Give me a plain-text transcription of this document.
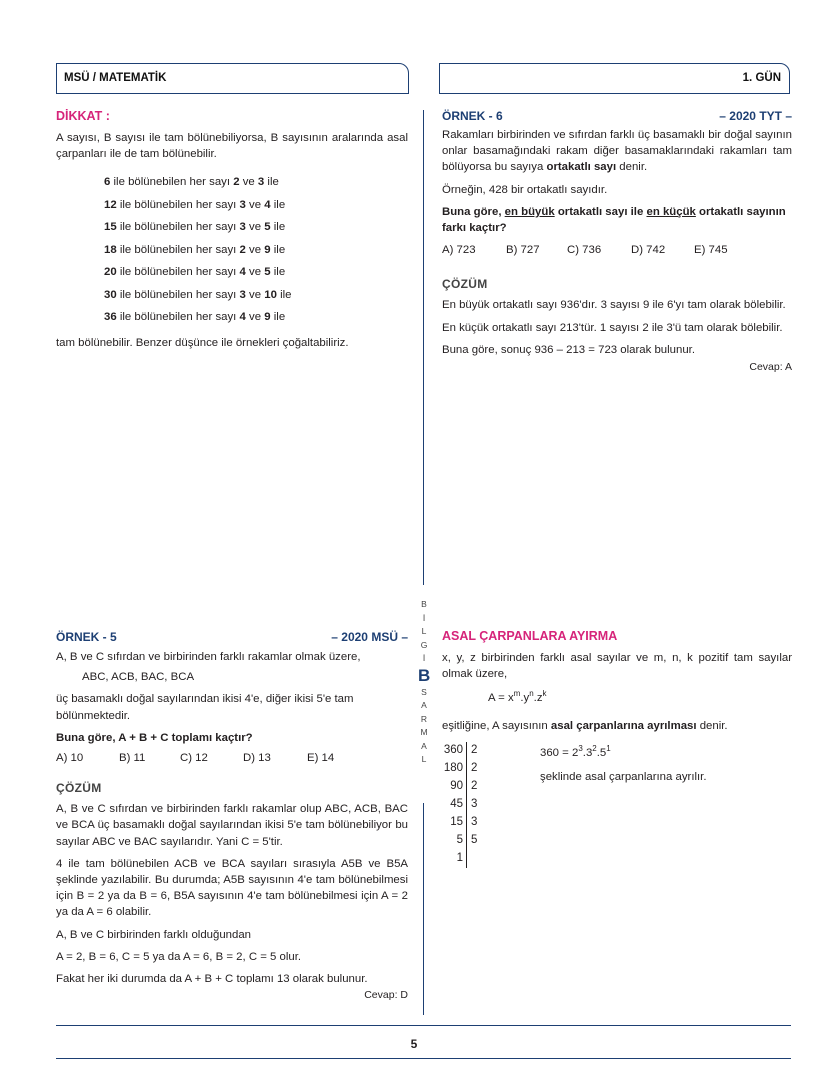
MSÜ / MATEMATİK	1. GÜN
DİKKAT :

A sayısı, B sayısı ile tam bölünebiliyorsa, B sayısının aralarında asal çarpanları ile de tam bölünebilir.

6 ile bölünebilen her sayı 2 ve 3 ile
12 ile bölünebilen her sayı 3 ve 4 ile
15 ile bölünebilen her sayı 3 ve 5 ile
18 ile bölünebilen her sayı 2 ve 9 ile
20 ile bölünebilen her sayı 4 ve 5 ile
30 ile bölünebilen her sayı 3 ve 10 ile
36 ile bölünebilen her sayı 4 ve 9 ile

tam bölünebilir. Benzer düşünce ile örnekleri çoğaltabiliriz.

ÖRNEK - 6	– 2020 TYT –

Rakamları birbirinden ve sıfırdan farklı üç basamaklı bir doğal sayının onlar basamağındaki rakam diğer basamaklarındaki rakamları tam bölüyorsa bu sayıya ortakatlı sayı denir.

Örneğin, 428 bir ortakatlı sayıdır.

Buna göre, en büyük ortakatlı sayı ile en küçük ortakatlı sayının farkı kaçtır?

A) 723	B) 727	C) 736	D) 742	E) 745
ÇÖZÜM

En büyük ortakatlı sayı 936'dır. 3 sayısı 9 ile 6'yı tam olarak bölebilir.

En küçük ortakatlı sayı 213'tür. 1 sayısı 2 ile 3'ü tam olarak bölebilir.

Buna göre, sonuç 936 – 213 = 723 olarak bulunur.

Cevap: A
ÖRNEK - 5	– 2020 MSÜ –

A, B ve C sıfırdan ve birbirinden farklı rakamlar olmak üzere,

ABC, ACB, BAC, BCA

üç basamaklı doğal sayılarından ikisi 4'e, diğer ikisi 5'e tam bölünmektedir.

Buna göre, A + B + C toplamı kaçtır?

A) 10	B) 11	C) 12	D) 13	E) 14
ÇÖZÜM

A, B ve C sıfırdan ve birbirinden farklı rakamlar olup ABC, ACB, BAC ve BCA üç basamaklı doğal sayılarından ikisi 5'e tam bölünebiliyor bu sayılar ABC ve BAC sayılarıdır. Yani C = 5'tir.

4 ile tam bölünebilen ACB ve BCA sayıları sırasıyla A5B ve B5A şeklinde yazılabilir. Bu durumda; A5B sayısının 4'e tam bölünebilmesi için B = 2 ya da B = 6, B5A sayısının 4'e tam bölünebilmesi için A = 2 ya da A = 6 olabilir.

A, B ve C birbirinden farklı olduğundan

A = 2, B = 6, C = 5 ya da A = 6, B = 2, C = 5 olur.

Fakat her iki durumda da A + B + C toplamı 13 olarak bulunur.

Cevap: D
ASAL ÇARPANLARA AYIRMA

x, y, z birbirinden farklı asal sayılar ve m, n, k pozitif tam sayılar olmak üzere,

$A = x^m.y^n.z^k$

eşitliğine, A sayısının asal çarpanlarına ayrılması denir.

360 2
180 2
90 2
45 3
15 3
5 5
1

$360 = 2^3.3^2.5^1$

şeklinde asal çarpanlarına ayrılır.

B
İ
L
G
İ
B
S
A
R
M
A
L
5
